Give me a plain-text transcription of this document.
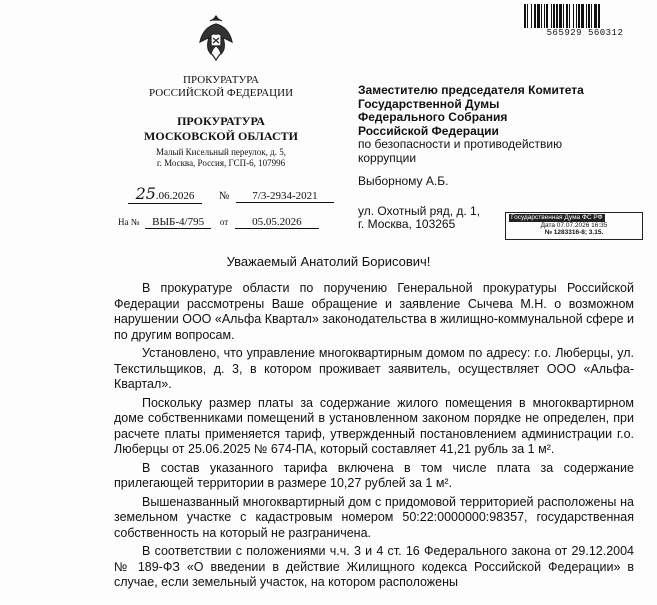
565929 560312
ПРОКУРАТУРА
РОССИЙСКОЙ ФЕДЕРАЦИИ
ПРОКУРАТУРА
МОСКОВСКОЙ ОБЛАСТИ
Малый Кисельный переулок, д. 5,
г. Москва, Россия, ГСП-6, 107996
Заместителю председателя Комитета
Государственной Думы
Федерального Собрания
Российской Федерации
по безопасности и противодействию
коррупции
Выборному А.Б.
ул. Охотный ряд, д. 1,
г. Москва, 103265
25.06.2026 № 7/3-2934-2021
На № ВЫБ-4/795 от 05.05.2026	Государственная Дума ФС РФ
Дата 07.07.2026 16:35
№ 1283316-8; 3.15.
Уважаемый Анатолий Борисович!

В прокуратуре области по поручению Генеральной прокуратуры Российской Федерации рассмотрены Ваше обращение и заявление Сычева М.Н. о возможном нарушении ООО «Альфа Квартал» законодательства в жилищно-коммунальной сфере и по другим вопросам.

Установлено, что управление многоквартирным домом по адресу: г.о. Люберцы, ул. Текстильщиков, д. 3, в котором проживает заявитель, осуществляет ООО «Альфа-Квартал».

Поскольку размер платы за содержание жилого помещения в многоквартирном доме собственниками помещений в установленном законом порядке не определен, при расчете платы применяется тариф, утвержденный постановлением администрации г.о. Люберцы от 25.06.2025 № 674-ПА, который составляет 41,21 рубль за 1 м².

В состав указанного тарифа включена в том числе плата за содержание прилегающей территории в размере 10,27 рублей за 1 м².

Вышеназванный многоквартирный дом с придомовой территорией расположены на земельном участке с кадастровым номером 50:22:0000000:98357, государственная собственность на который не разграничена.

В соответствии с положениями ч.ч. 3 и 4 ст. 16 Федерального закона от 29.12.2004 № 189-ФЗ «О введении в действие Жилищного кодекса Российской Федерации» в случае, если земельный участок, на котором расположены
